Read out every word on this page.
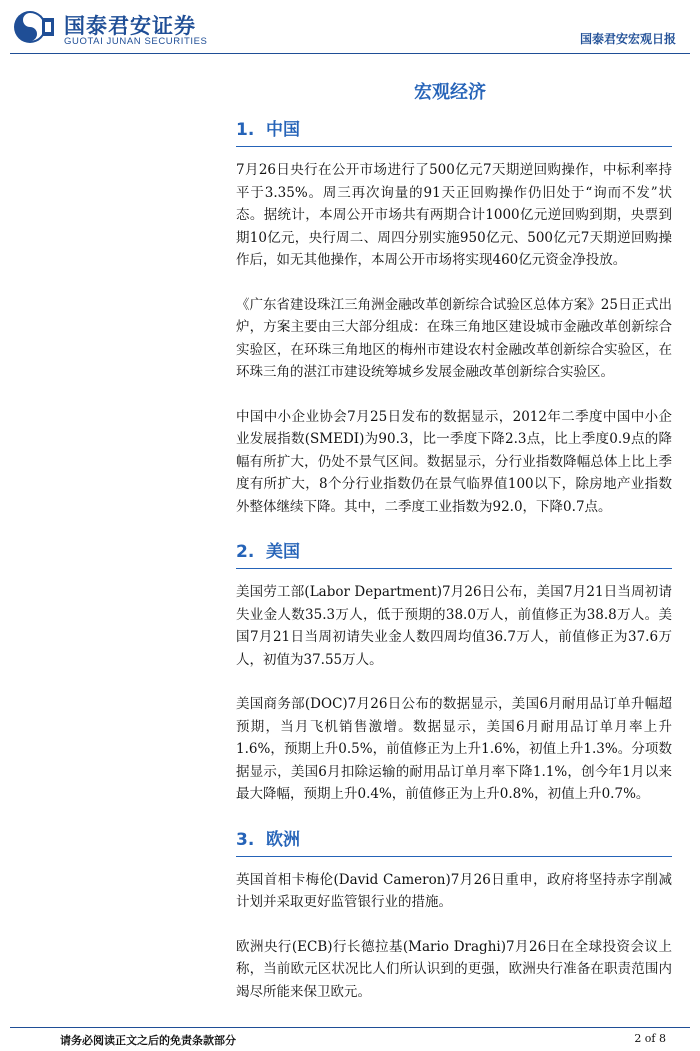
国泰君安证券
GUOTAI JUNAN SECURITIES	国泰君安宏观日报
宏观经济
1. 中国

7月26日央行在公开市场进行了500亿元7天期逆回购操作，中标利率持平于3.35%。周三再次询量的91天正回购操作仍旧处于“询而不发”状态。据统计，本周公开市场共有两期合计1000亿元逆回购到期，央票到期10亿元，央行周二、周四分别实施950亿元、500亿元7天期逆回购操作后，如无其他操作，本周公开市场将实现460亿元资金净投放。

《广东省建设珠江三角洲金融改革创新综合试验区总体方案》25日正式出炉，方案主要由三大部分组成：在珠三角地区建设城市金融改革创新综合实验区，在环珠三角地区的梅州市建设农村金融改革创新综合实验区，在环珠三角的湛江市建设统筹城乡发展金融改革创新综合实验区。

中国中小企业协会7月25日发布的数据显示，2012年二季度中国中小企业发展指数(SMEDI)为90.3，比一季度下降2.3点，比上季度0.9点的降幅有所扩大，仍处不景气区间。数据显示，分行业指数降幅总体上比上季度有所扩大，8个分行业指数仍在景气临界值100以下，除房地产业指数外整体继续下降。其中，二季度工业指数为92.0，下降0.7点。

2. 美国

美国劳工部(Labor Department)7月26日公布，美国7月21日当周初请失业金人数35.3万人，低于预期的38.0万人，前值修正为38.8万人。美国7月21日当周初请失业金人数四周均值36.7万人，前值修正为37.6万人，初值为37.55万人。

美国商务部(DOC)7月26日公布的数据显示，美国6月耐用品订单升幅超预期，当月飞机销售激增。数据显示，美国6月耐用品订单月率上升1.6%，预期上升0.5%，前值修正为上升1.6%，初值上升1.3%。分项数据显示，美国6月扣除运输的耐用品订单月率下降1.1%，创今年1月以来最大降幅，预期上升0.4%，前值修正为上升0.8%，初值上升0.7%。

3. 欧洲

英国首相卡梅伦(David Cameron)7月26日重申，政府将坚持赤字削减计划并采取更好监管银行业的措施。

欧洲央行(ECB)行长德拉基(Mario Draghi)7月26日在全球投资会议上称，当前欧元区状况比人们所认识到的更强，欧洲央行准备在职责范围内竭尽所能来保卫欧元。

请务必阅读正文之后的免责条款部分	2 of 8
